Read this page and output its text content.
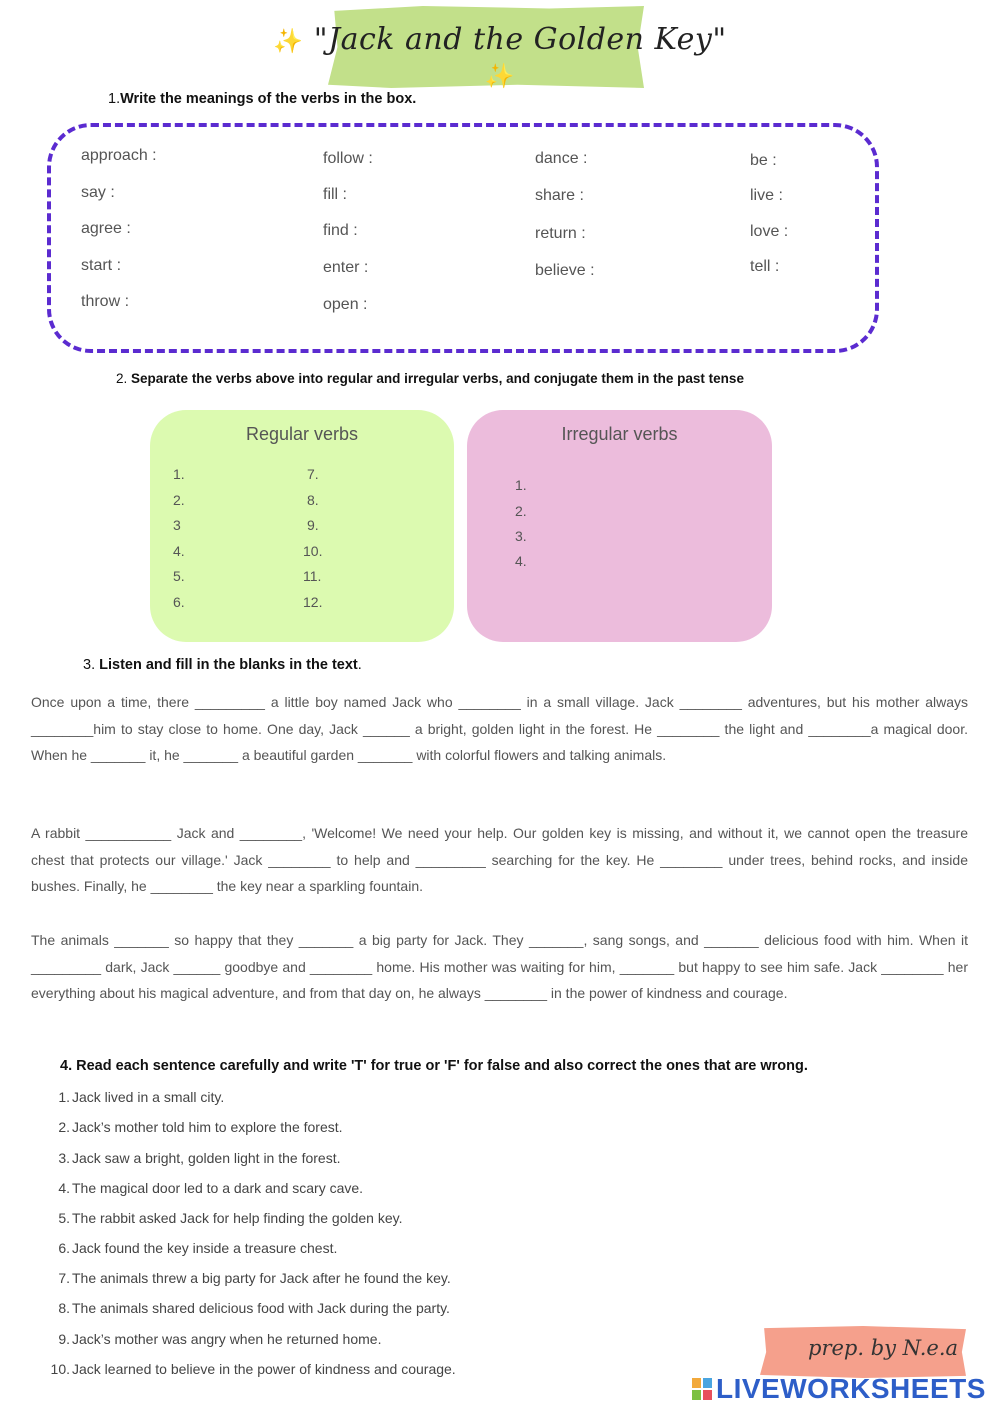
✨ "Jack and the Golden Key" ✨
1.Write the meanings of the verbs in the box.
approach :
say :
agree :
start :
throw :
follow :
fill :
find :
enter :
open :
dance :
share :
return :
believe :
be :
live :
love :
tell :
2. Separate the verbs above into regular and irregular verbs, and conjugate them in the past tense
Regular verbs
1.
2.
3
4.
5.
6.
7.
8.
9.
10.
11.
12.
Irregular verbs
1.
2.
3.
4.
3. Listen and fill in the blanks in the text.
Once upon a time, there _________ a little boy named Jack who ________ in a small village. Jack ________ adventures, but his mother always ________him to stay close to home. One day, Jack ______ a bright, golden light in the forest. He ________ the light and ________a magical door. When he _______ it, he _______ a beautiful garden _______ with colorful flowers and talking animals.
A rabbit ___________ Jack and ________, 'Welcome! We need your help. Our golden key is missing, and without it, we cannot open the treasure chest that protects our village.' Jack ________ to help and _________ searching for the key. He ________ under trees, behind rocks, and inside bushes. Finally, he ________ the key near a sparkling fountain.
The animals _______ so happy that they _______ a big party for Jack. They _______, sang songs, and _______ delicious food with him. When it _________ dark, Jack ______ goodbye and ________ home. His mother was waiting for him, _______ but happy to see him safe. Jack ________ her everything about his magical adventure, and from that day on, he always ________ in the power of kindness and courage.
4. Read each sentence carefully and write 'T' for true or 'F' for false and also correct the ones that are wrong.
1. Jack lived in a small city.
2. Jack’s mother told him to explore the forest.
3. Jack saw a bright, golden light in the forest.
4. The magical door led to a dark and scary cave.
5. The rabbit asked Jack for help finding the golden key.
6. Jack found the key inside a treasure chest.
7. The animals threw a big party for Jack after he found the key.
8. The animals shared delicious food with Jack during the party.
9. Jack’s mother was angry when he returned home.
10. Jack learned to believe in the power of kindness and courage.
prep. by N.e.a
LIVEWORKSHEETS
